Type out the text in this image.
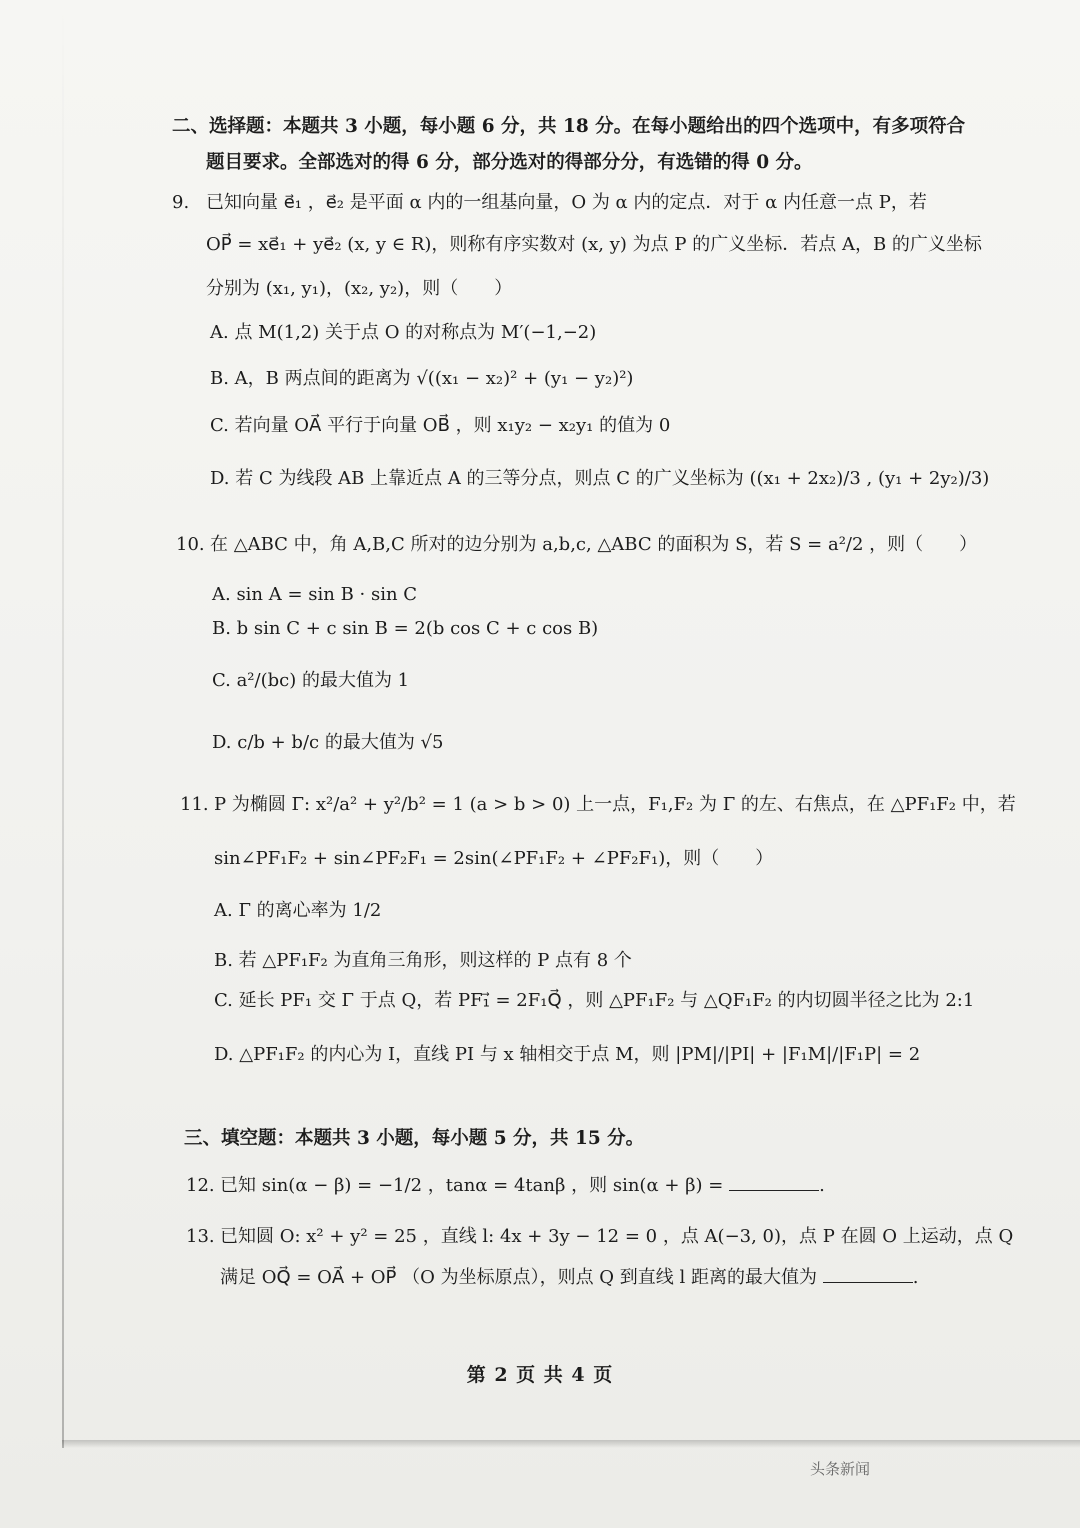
二、选择题：本题共 3 小题，每小题 6 分，共 18 分。在每小题给出的四个选项中，有多项符合
题目要求。全部选对的得 6 分，部分选对的得部分分，有选错的得 0 分。
9. 已知向量 e⃗₁ ，e⃗₂ 是平面 α 内的一组基向量，O 为 α 内的定点．对于 α 内任意一点 P，若
OP⃗ = xe⃗₁ + ye⃗₂ (x, y ∈ R)，则称有序实数对 (x, y) 为点 P 的广义坐标．若点 A，B 的广义坐标
分别为 (x₁, y₁)，(x₂, y₂)，则（　　）
A. 点 M(1,2) 关于点 O 的对称点为 M′(−1,−2)
B. A，B 两点间的距离为 √((x₁ − x₂)² + (y₁ − y₂)²)
C. 若向量 OA⃗ 平行于向量 OB⃗ ，则 x₁y₂ − x₂y₁ 的值为 0
D. 若 C 为线段 AB 上靠近点 A 的三等分点，则点 C 的广义坐标为 ((x₁ + 2x₂)/3 , (y₁ + 2y₂)/3)
10. 在 △ABC 中，角 A,B,C 所对的边分别为 a,b,c, △ABC 的面积为 S，若 S = a²/2 ，则（　　）
A. sin A = sin B · sin C
B. b sin C + c sin B = 2(b cos C + c cos B)
C. a²/(bc) 的最大值为 1
D. c/b + b/c 的最大值为 √5
11. P 为椭圆 Γ: x²/a² + y²/b² = 1 (a > b > 0) 上一点，F₁,F₂ 为 Γ 的左、右焦点，在 △PF₁F₂ 中，若
sin∠PF₁F₂ + sin∠PF₂F₁ = 2sin(∠PF₁F₂ + ∠PF₂F₁)，则（　　）
A. Γ 的离心率为 1/2
B. 若 △PF₁F₂ 为直角三角形，则这样的 P 点有 8 个
C. 延长 PF₁ 交 Γ 于点 Q，若 PF₁⃗ = 2F₁Q⃗ ，则 △PF₁F₂ 与 △QF₁F₂ 的内切圆半径之比为 2:1
D. △PF₁F₂ 的内心为 I，直线 PI 与 x 轴相交于点 M，则 |PM|/|PI| + |F₁M|/|F₁P| = 2
三、填空题：本题共 3 小题，每小题 5 分，共 15 分。
12. 已知 sin(α − β) = −1/2 ，tanα = 4tanβ ，则 sin(α + β) =	.
13. 已知圆 O: x² + y² = 25 ，直线 l: 4x + 3y − 12 = 0 ，点 A(−3, 0)，点 P 在圆 O 上运动，点 Q
满足 OQ⃗ = OA⃗ + OP⃗ （O 为坐标原点），则点 Q 到直线 l 距离的最大值为	.
第 2 页 共 4 页
头条新闻
